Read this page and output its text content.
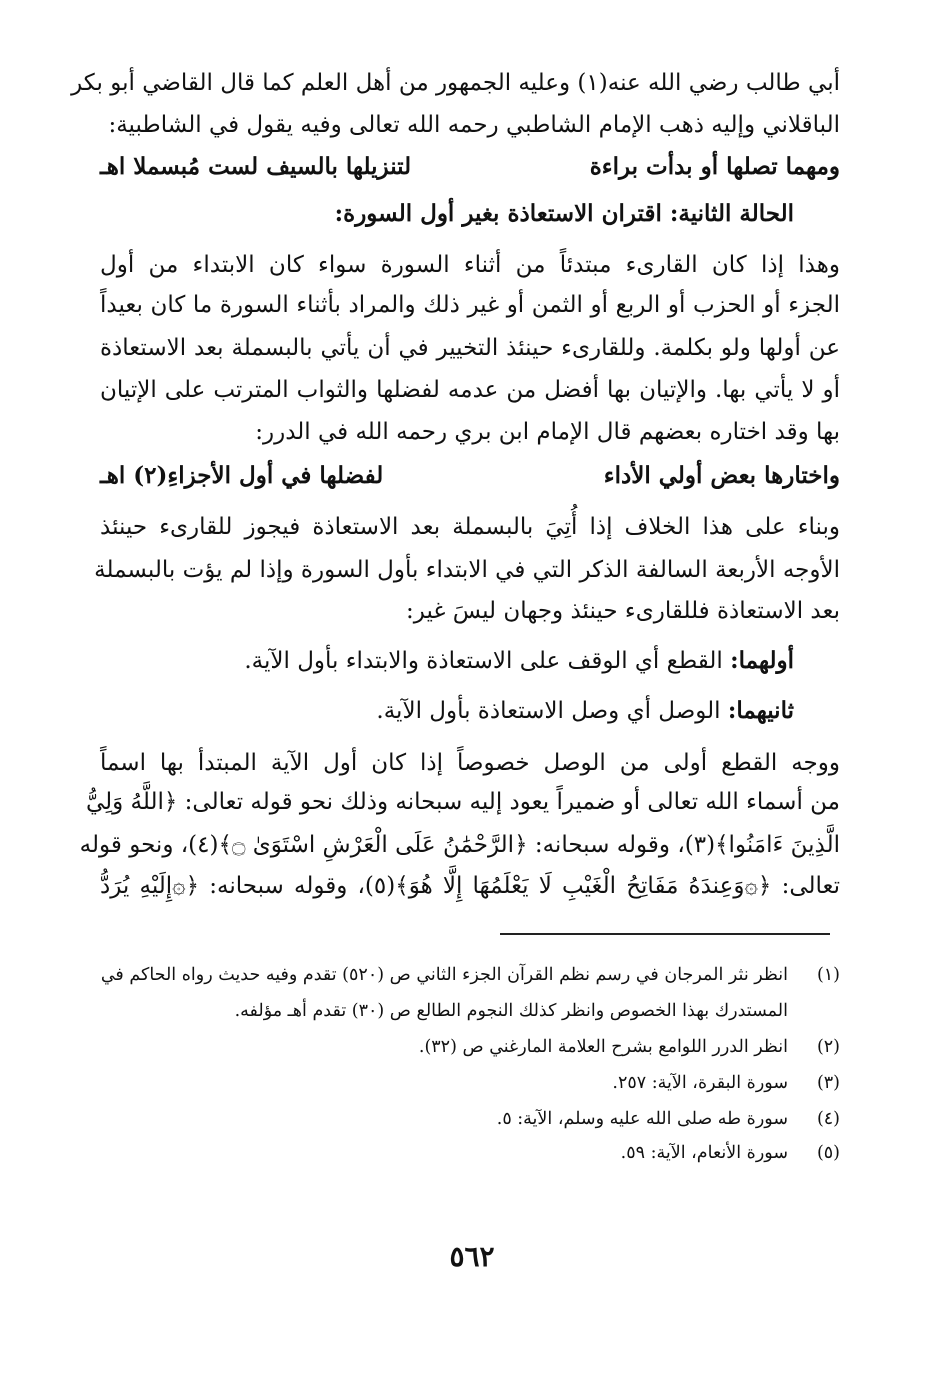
أبي طالب رضي الله عنه(١) وعليه الجمهور من أهل العلم كما قال القاضي أبو بكر
الباقلاني وإليه ذهب الإمام الشاطبي رحمه الله تعالى وفيه يقول في الشاطبية:
ومهما تصلها أو بدأت براءة
لتنزيلها بالسيف لست مُبسملا اهـ
الحالة الثانية: اقتران الاستعاذة بغير أول السورة:
وهذا إذا كان القارىء مبتدئاً من أثناء السورة سواء كان الابتداء من أول
الجزء أو الحزب أو الربع أو الثمن أو غير ذلك والمراد بأثناء السورة ما كان بعيداً
عن أولها ولو بكلمة. وللقارىء حينئذ التخيير في أن يأتي بالبسملة بعد الاستعاذة
أو لا يأتي بها. والإتيان بها أفضل من عدمه لفضلها والثواب المترتب على الإتيان
بها وقد اختاره بعضهم قال الإمام ابن بري رحمه الله في الدرر:
واختارها بعض أولي الأداء
لفضلها في أول الأجزاءِ(٢) اهـ
وبناء على هذا الخلاف إذا أُتِيَ بالبسملة بعد الاستعاذة فيجوز للقارىء حينئذ
الأوجه الأربعة السالفة الذكر التي في الابتداء بأول السورة وإذا لم يؤت بالبسملة
بعد الاستعاذة فللقارىء حينئذ وجهان ليسَ غير:
أولهما: القطع أي الوقف على الاستعاذة والابتداء بأول الآية.
ثانيهما: الوصل أي وصل الاستعاذة بأول الآية.
ووجه القطع أولى من الوصل خصوصاً إذا كان أول الآية المبتدأ بها اسماً
من أسماء الله تعالى أو ضميراً يعود إليه سبحانه وذلك نحو قوله تعالى: ﴿اللَّهُ وَلِيُّ
الَّذِينَ ءَامَنُوا﴾(٣)، وقوله سبحانه: ﴿الرَّحْمَٰنُ عَلَى الْعَرْشِ اسْتَوَىٰ ۝﴾(٤)، ونحو قوله
تعالى: ﴿۞وَعِندَهُ مَفَاتِحُ الْغَيْبِ لَا يَعْلَمُهَا إِلَّا هُوَ﴾(٥)، وقوله سبحانه: ﴿۞إِلَيْهِ يُرَدُّ
(١)
انظر نثر المرجان في رسم نظم القرآن الجزء الثاني ص (٥٢٠) تقدم وفيه حديث رواه الحاكم في
المستدرك بهذا الخصوص وانظر كذلك النجوم الطالع ص (٣٠) تقدم أهـ مؤلفه.
(٢)
انظر الدرر اللوامع بشرح العلامة المارغني ص (٣٢).
(٣)
سورة البقرة، الآية: ٢٥٧.
(٤)
سورة طه صلى الله عليه وسلم، الآية: ٥.
(٥)
سورة الأنعام، الآية: ٥٩.
٥٦٢
